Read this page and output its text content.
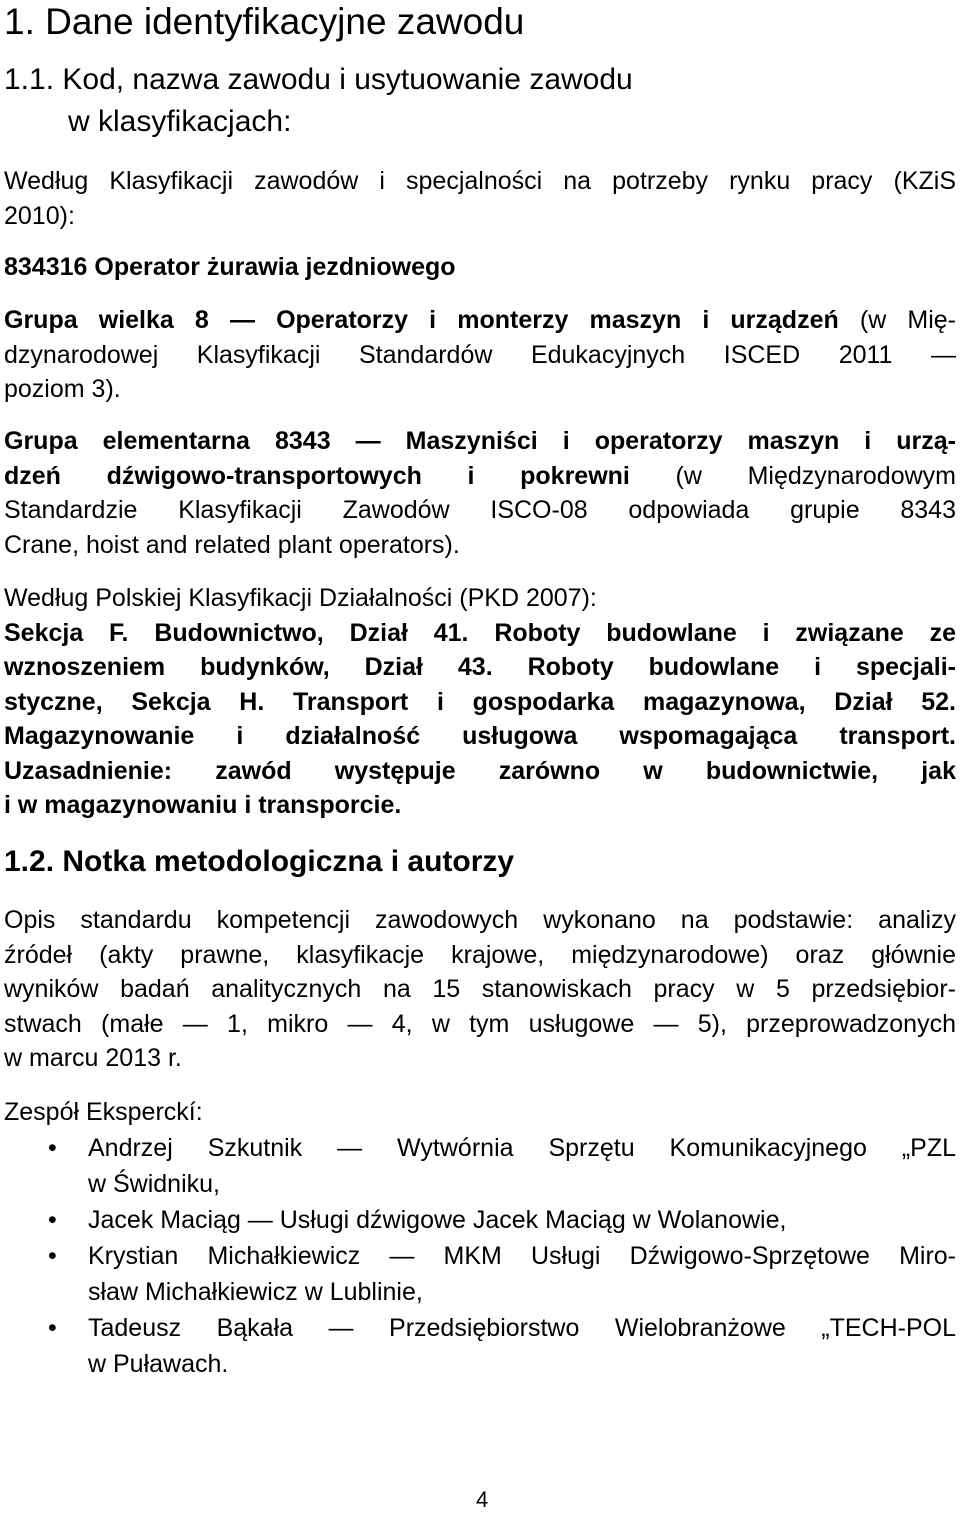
1. Dane identyfikacyjne zawodu
1.1. Kod, nazwa zawodu i usytuowanie zawodu
w klasyfikacjach:
Według Klasyfikacji zawodów i specjalności na potrzeby rynku pracy (KZiS
2010):
834316 Operator żurawia jezdniowego
Grupa wielka 8 — Operatorzy i monterzy maszyn i urządzeń (w Mię-
dzynarodowej Klasyfikacji Standardów Edukacyjnych ISCED 2011 —
poziom 3).
Grupa elementarna 8343 — Maszyniści i operatorzy maszyn i urzą-
dzeń dźwigowo-transportowych i pokrewni (w Międzynarodowym
Standardzie Klasyfikacji Zawodów ISCO-08 odpowiada grupie 8343
Crane, hoist and related plant operators).
Według Polskiej Klasyfikacji Działalności (PKD 2007):
Sekcja F. Budownictwo, Dział 41. Roboty budowlane i związane ze
wznoszeniem budynków, Dział 43. Roboty budowlane i specjali-
styczne, Sekcja H. Transport i gospodarka magazynowa, Dział 52.
Magazynowanie i działalność usługowa wspomagająca transport.
Uzasadnienie: zawód występuje zarówno w budownictwie, jak
i w magazynowaniu i transporcie.
1.2. Notka metodologiczna i autorzy
Opis standardu kompetencji zawodowych wykonano na podstawie: analizy
źródeł (akty prawne, klasyfikacje krajowe, międzynarodowe) oraz głównie
wyników badań analitycznych na 15 stanowiskach pracy w 5 przedsiębior-
stwach (małe — 1, mikro — 4, w tym usługowe — 5), przeprowadzonych
w marcu 2013 r.
Zespół Eksperckí:
• Andrzej Szkutnik — Wytwórnia Sprzętu Komunikacyjnego „PZL
w Świdniku,
• Jacek Maciąg — Usługi dźwigowe Jacek Maciąg w Wolanowie,
• Krystian Michałkiewicz — MKM Usługi Dźwigowo-Sprzętowe Miro-
sław Michałkiewicz w Lublinie,
• Tadeusz Bąkała — Przedsiębiorstwo Wielobranżowe „TECH-POL
w Puławach.
4
